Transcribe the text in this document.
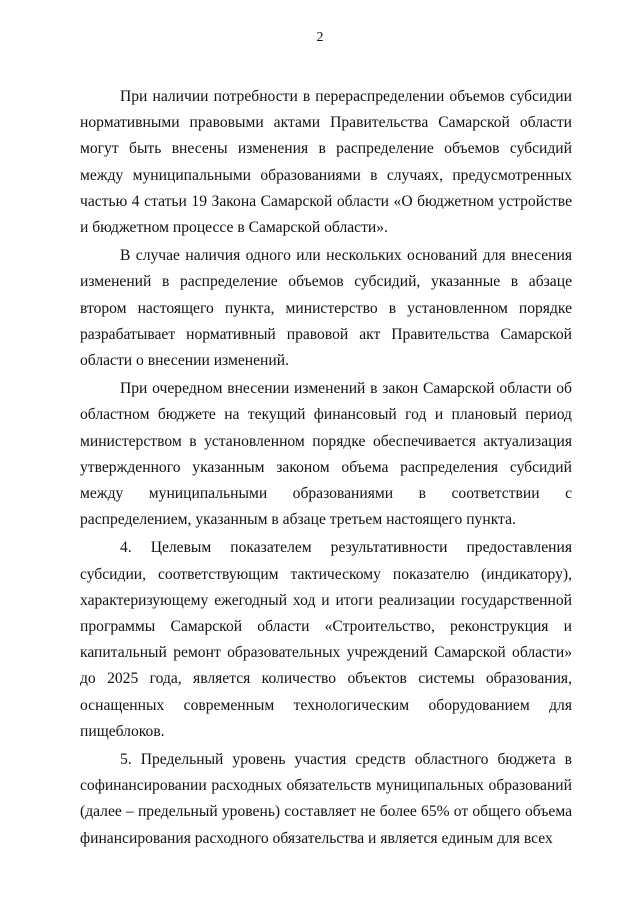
2

При наличии потребности в перераспределении объемов субсидии нормативными правовыми актами Правительства Самарской области могут быть внесены изменения в распределение объемов субсидий между муниципальными образованиями в случаях, предусмотренных частью 4 статьи 19 Закона Самарской области «О бюджетном устройстве и бюджетном процессе в Самарской области».

В случае наличия одного или нескольких оснований для внесения изменений в распределение объемов субсидий, указанные в абзаце втором настоящего пункта, министерство в установленном порядке разрабатывает нормативный правовой акт Правительства Самарской области о внесении изменений.

При очередном внесении изменений в закон Самарской области об областном бюджете на текущий финансовый год и плановый период министерством в установленном порядке обеспечивается актуализация утвержденного указанным законом объема распределения субсидий между муниципальными образованиями в соответствии с распределением, указанным в абзаце третьем настоящего пункта.

4. Целевым показателем результативности предоставления субсидии, соответствующим тактическому показателю (индикатору), характеризующему ежегодный ход и итоги реализации государственной программы Самарской области «Строительство, реконструкция и капитальный ремонт образовательных учреждений Самарской области» до 2025 года, является количество объектов системы образования, оснащенных современным технологическим оборудованием для пищеблоков.

5. Предельный уровень участия средств областного бюджета в софинансировании расходных обязательств муниципальных образований (далее – предельный уровень) составляет не более 65% от общего объема финансирования расходного обязательства и является единым для всех
